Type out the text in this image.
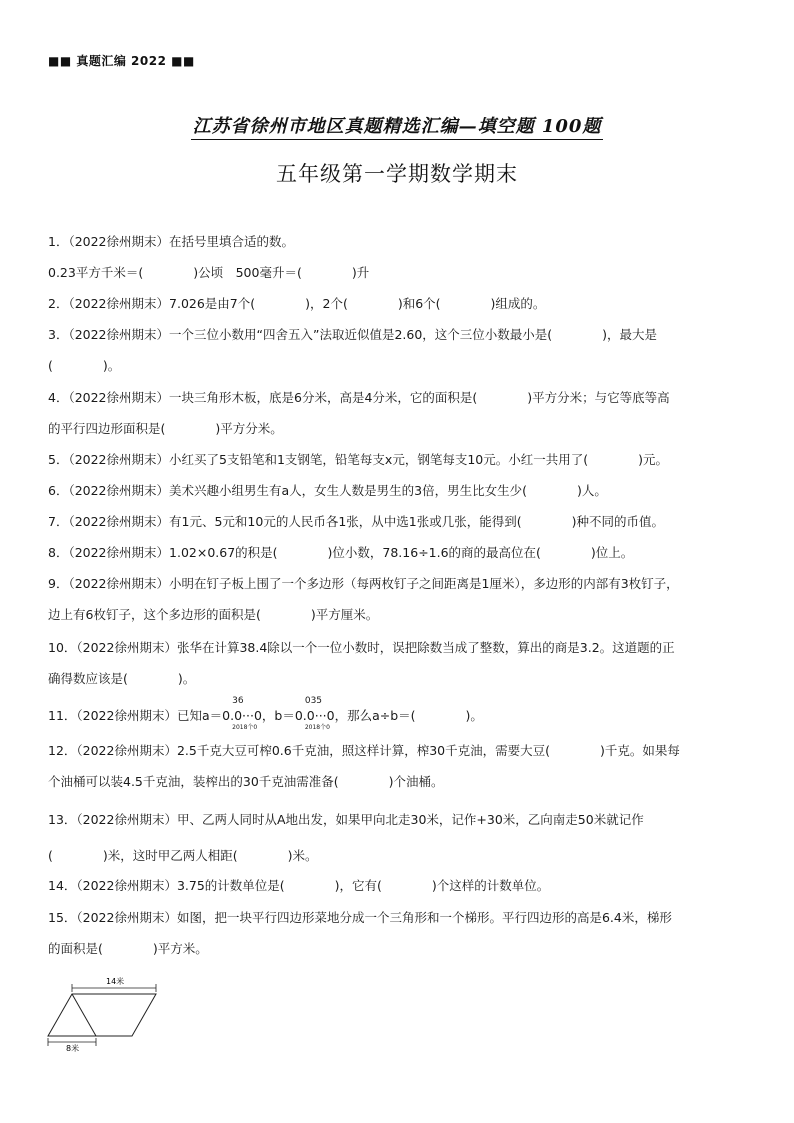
■■ 真题汇编 2022 ■■
江苏省徐州市地区真题精选汇编—填空题 100题
五年级第一学期数学期末
1．（2022徐州期末）在括号里填合适的数。
0.23平方千米＝(　　　　)公顷　500毫升＝(　　　　)升
2．（2022徐州期末）7.026是由7个(　　　　)，2个(　　　　)和6个(　　　　)组成的。
3．（2022徐州期末）一个三位小数用“四舍五入”法取近似值是2.60，这个三位小数最小是(　　　　)，最大是
(　　　　)。
4．（2022徐州期末）一块三角形木板，底是6分米，高是4分米，它的面积是(　　　　)平方分米；与它等底等高
的平行四边形面积是(　　　　)平方分米。
5．（2022徐州期末）小红买了5支铅笔和1支钢笔，铅笔每支x元，钢笔每支10元。小红一共用了(　　　　)元。
6．（2022徐州期末）美术兴趣小组男生有a人，女生人数是男生的3倍，男生比女生少(　　　　)人。
7．（2022徐州期末）有1元、5元和10元的人民币各1张，从中选1张或几张，能得到(　　　　)种不同的币值。
8．（2022徐州期末）1.02×0.67的积是(　　　　)位小数，78.16÷1.6的商的最高位在(　　　　)位上。
9．（2022徐州期末）小明在钉子板上围了一个多边形（每两枚钉子之间距离是1厘米），多边形的内部有3枚钉子，
边上有6枚钉子，这个多边形的面积是(　　　　)平方厘米。
10．（2022徐州期末）张华在计算38.4除以一个一位小数时，误把除数当成了整数，算出的商是3.2。这道题的正
确得数应该是(　　　　)。
11．（2022徐州期末）已知a＝0.0···0
36
2018个0
，b＝0.0···0
035
2018个0
，那么a÷b＝(　　　　)。
12．（2022徐州期末）2.5千克大豆可榨0.6千克油，照这样计算，榨30千克油，需要大豆(　　　　)千克。如果每
个油桶可以装4.5千克油，装榨出的30千克油需准备(　　　　)个油桶。
13．（2022徐州期末）甲、乙两人同时从A地出发，如果甲向北走30米，记作+30米，乙向南走50米就记作
(　　　　)米，这时甲乙两人相距(　　　　)米。
14．（2022徐州期末）3.75的计数单位是(　　　　)，它有(　　　　)个这样的计数单位。
15．（2022徐州期末）如图，把一块平行四边形菜地分成一个三角形和一个梯形。平行四边形的高是6.4米，梯形
的面积是(　　　　)平方米。
14米
8米
